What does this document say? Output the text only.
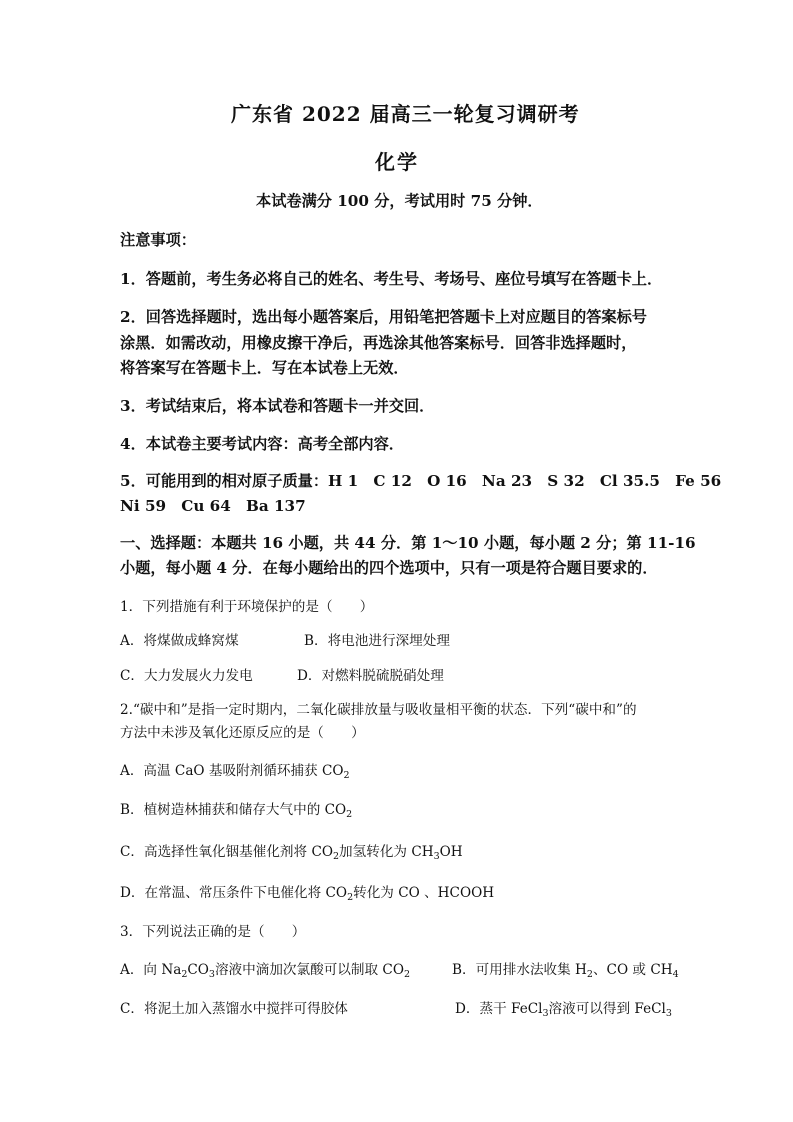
广东省 2022 届高三一轮复习调研考
化学
本试卷满分 100 分，考试用时 75 分钟．
注意事项：
1．答题前，考生务必将自己的姓名、考生号、考场号、座位号填写在答题卡上．
2．回答选择题时，选出每小题答案后，用铅笔把答题卡上对应题目的答案标号
涂黑．如需改动，用橡皮擦干净后，再选涂其他答案标号．回答非选择题时，
将答案写在答题卡上．写在本试卷上无效．
3．考试结束后，将本试卷和答题卡一并交回．
4．本试卷主要考试内容：高考全部内容．
5．可能用到的相对原子质量：H 1　C 12　O 16　Na 23　S 32　Cl 35.5　Fe 56
Ni 59　Cu 64　Ba 137
一、选择题：本题共 16 小题，共 44 分．第 1～10 小题，每小题 2 分；第 11-16
小题，每小题 4 分．在每小题给出的四个选项中，只有一项是符合题目要求的．
1．下列措施有利于环境保护的是（　　）
A．将煤做成蜂窝煤	B．将电池进行深埋处理
C．大力发展火力发电	D．对燃料脱硫脱硝处理
2.“碳中和”是指一定时期内，二氧化碳排放量与吸收量相平衡的状态．下列“碳中和”的
方法中未涉及氧化还原反应的是（　　）
A．高温 CaO 基吸附剂循环捕获 $CO_2$
B．植树造林捕获和储存大气中的 $CO_2$
C．高选择性氧化铟基催化剂将 $CO_2$加氢转化为 $CH_3OH$
D．在常温、常压条件下电催化将 $CO_2$转化为 CO 、HCOOH
3．下列说法正确的是（　　）
A．向 $Na_2CO_3$溶液中滴加次氯酸可以制取 $CO_2$	B．可用排水法收集 $H_2$、CO 或 $CH_4$
C．将泥土加入蒸馏水中搅拌可得胶体	D．蒸干 FeCl$_3$溶液可以得到 FeCl$_3$
